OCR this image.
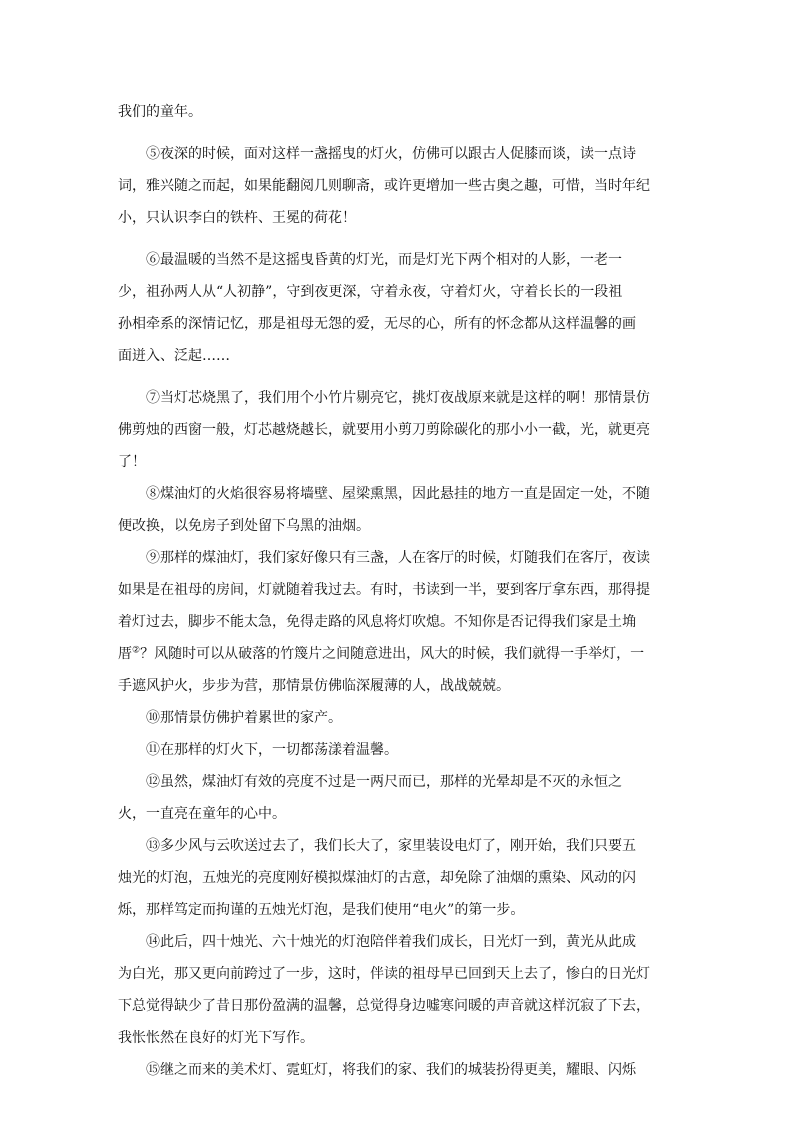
我们的童年。
⑤夜深的时候，面对这样一盏摇曳的灯火，仿佛可以跟古人促膝而谈，读一点诗
词，雅兴随之而起，如果能翻阅几则聊斋，或许更增加一些古奥之趣，可惜，当时年纪
小，只认识李白的铁杵、王冕的荷花！
⑥最温暖的当然不是这摇曳昏黄的灯光，而是灯光下两个相对的人影，一老一
少，祖孙两人从“人初静”，守到夜更深，守着永夜，守着灯火，守着长长的一段祖
孙相牵系的深情记忆，那是祖母无怨的爱，无尽的心，所有的怀念都从这样温馨的画
面迸入、泛起……
⑦当灯芯烧黑了，我们用个小竹片剔亮它，挑灯夜战原来就是这样的啊！那情景仿
佛剪烛的西窗一般，灯芯越烧越长，就要用小剪刀剪除碳化的那小小一截，光，就更亮
了！
⑧煤油灯的火焰很容易将墙壁、屋梁熏黑，因此悬挂的地方一直是固定一处，不随
便改换，以免房子到处留下乌黑的油烟。
⑨那样的煤油灯，我们家好像只有三盏，人在客厅的时候，灯随我们在客厅，夜读
如果是在祖母的房间，灯就随着我过去。有时，书读到一半，要到客厅拿东西，那得提
着灯过去，脚步不能太急，免得走路的风息将灯吹熄。不知你是否记得我们家是土埆
厝②？风随时可以从破落的竹篾片之间随意进出，风大的时候，我们就得一手举灯，一
手遮风护火，步步为营，那情景仿佛临深履薄的人，战战兢兢。
⑩那情景仿佛护着累世的家产。
⑪在那样的灯火下，一切都荡漾着温馨。
⑫虽然，煤油灯有效的亮度不过是一两尺而已，那样的光晕却是不灭的永恒之
火，一直亮在童年的心中。
⑬多少风与云吹送过去了，我们长大了，家里装设电灯了，刚开始，我们只要五
烛光的灯泡，五烛光的亮度刚好模拟煤油灯的古意，却免除了油烟的熏染、风动的闪
烁，那样笃定而拘谨的五烛光灯泡，是我们使用“电火”的第一步。
⑭此后，四十烛光、六十烛光的灯泡陪伴着我们成长，日光灯一到，黄光从此成
为白光，那又更向前跨过了一步，这时，伴读的祖母早已回到天上去了，惨白的日光灯
下总觉得缺少了昔日那份盈满的温馨，总觉得身边嘘寒问暖的声音就这样沉寂了下去，
我怅怅然在良好的灯光下写作。
⑮继之而来的美术灯、霓虹灯，将我们的家、我们的城装扮得更美，耀眼、闪烁
